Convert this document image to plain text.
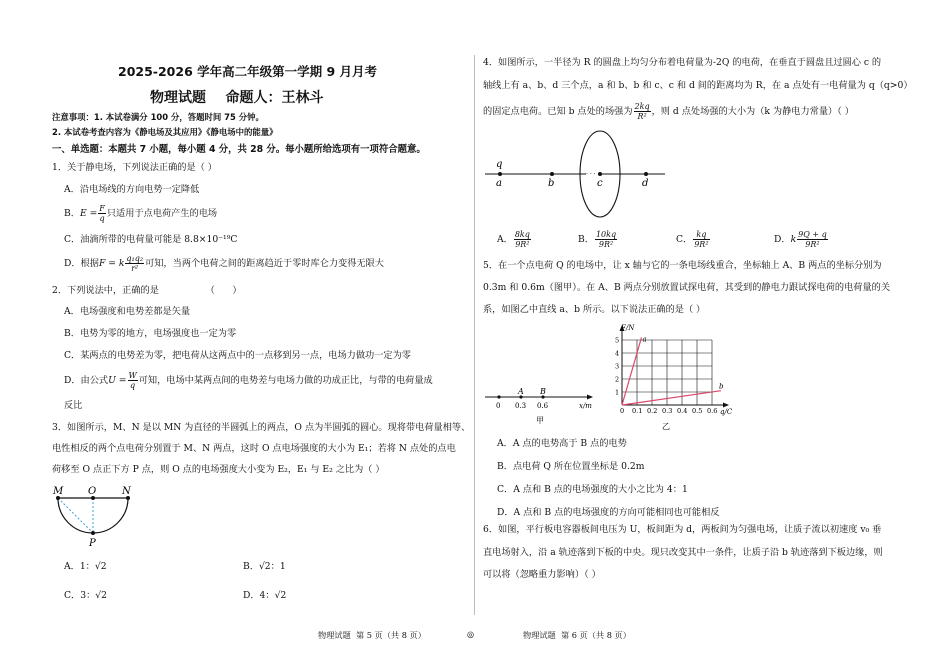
2025-2026 学年高二年级第一学期 9 月月考
物理试题    命题人：王林斗
注意事项：1. 本试卷满分 100 分，答题时间 75 分钟。
2. 本试卷考查内容为《静电场及其应用》《静电场中的能量》
一、单选题：本题共 7 小题，每小题 4 分，共 28 分。每小题所给选项有一项符合题意。
1．关于静电场，下列说法正确的是（ ）
A．沿电场线的方向电势一定降低
B．$E = \frac{F}{q}$ 只适用于点电荷产生的电场
C．油滴所带的电荷量可能是 8.8×10⁻¹⁹C
D．根据F = k $\frac{\text{q₁q₂}}{\text{r²}}$ 可知，当两个电荷之间的距离趋近于零时库仑力变得无限大
2．下列说法中，正确的是                （      ）
A．电场强度和电势差都是矢量
B．电势为零的地方，电场强度也一定为零
C．某两点的电势差为零，把电荷从这两点中的一点移到另一点，电场力做功一定为零
D．由公式$U = \frac{W}{q}$ 可知，电场中某两点间的电势差与电场力做的功成正比，与带的电荷量成
反比
3．如图所示，M、N 是以 MN 为直径的半圆弧上的两点，O 点为半圆弧的圆心。现将带电荷量相等、
电性相反的两个点电荷分别置于 M、N 两点，这时 O 点电场强度的大小为 E₁；若将 N 点处的点电
荷移至 O 点正下方 P 点，则 O 点的电场强度大小变为 E₂，E₁ 与 E₂ 之比为（ ）
M O	N
P
A．1：√2	B．√2：1
C．3：√2	D．4：√2
物理试题  第 5 页（共 8 页）	◎
4．如图所示，一半径为 R 的圆盘上均匀分布着电荷量为-2Q 的电荷，在垂直于圆盘且过圆心 c 的
轴线上有 a、b、d 三个点，a 和 b、b 和 c、c 和 d 间的距离均为 R，在 a 点处有一电荷量为 q（q>0）
的固定点电荷。已知 b 点处的场强为 $\frac{2kq}{\text{R²}}$ ，则 d 点处场强的大小为（k 为静电力常量）（ ）
· · ·
q
a	b	c	d
A． $\frac{8kq}{\text{9R²}}$	B． $\frac{10kq}{\text{9R²}}$	C． $\frac{kq}{\text{9R²}}$	D．k $\frac{9Q + q}{\text{9R²}}$
5．在一个点电荷 Q 的电场中，让 x 轴与它的一条电场线重合，坐标轴上 A、B 两点的坐标分别为
0.3m 和 0.6m（图甲）。在 A、B 两点分别放置试探电荷，其受到的静电力跟试探电荷的电荷量的关
系，如图乙中直线 a、b 所示。以下说法正确的是（ ）
A B
0 0.3 0.6	x/m
甲
1
2
3
4
5
0 0.1 0.2 0.3 0.4 0.5 0.6
F/N
q/C
a
b
乙
A．A 点的电势高于 B 点的电势
B．点电荷 Q 所在位置坐标是 0.2m
C．A 点和 B 点的电场强度的大小之比为 4：1
D．A 点和 B 点的电场强度的方向可能相同也可能相反
6．如图，平行板电容器板间电压为 U，板间距为 d，两板间为匀强电场，让质子流以初速度 v₀ 垂
直电场射入，沿 a 轨迹落到下板的中央。现只改变其中一条件，让质子沿 b 轨迹落到下板边缘，则
可以将（忽略重力影响）（ ）
物理试题  第 6 页（共 8 页）
